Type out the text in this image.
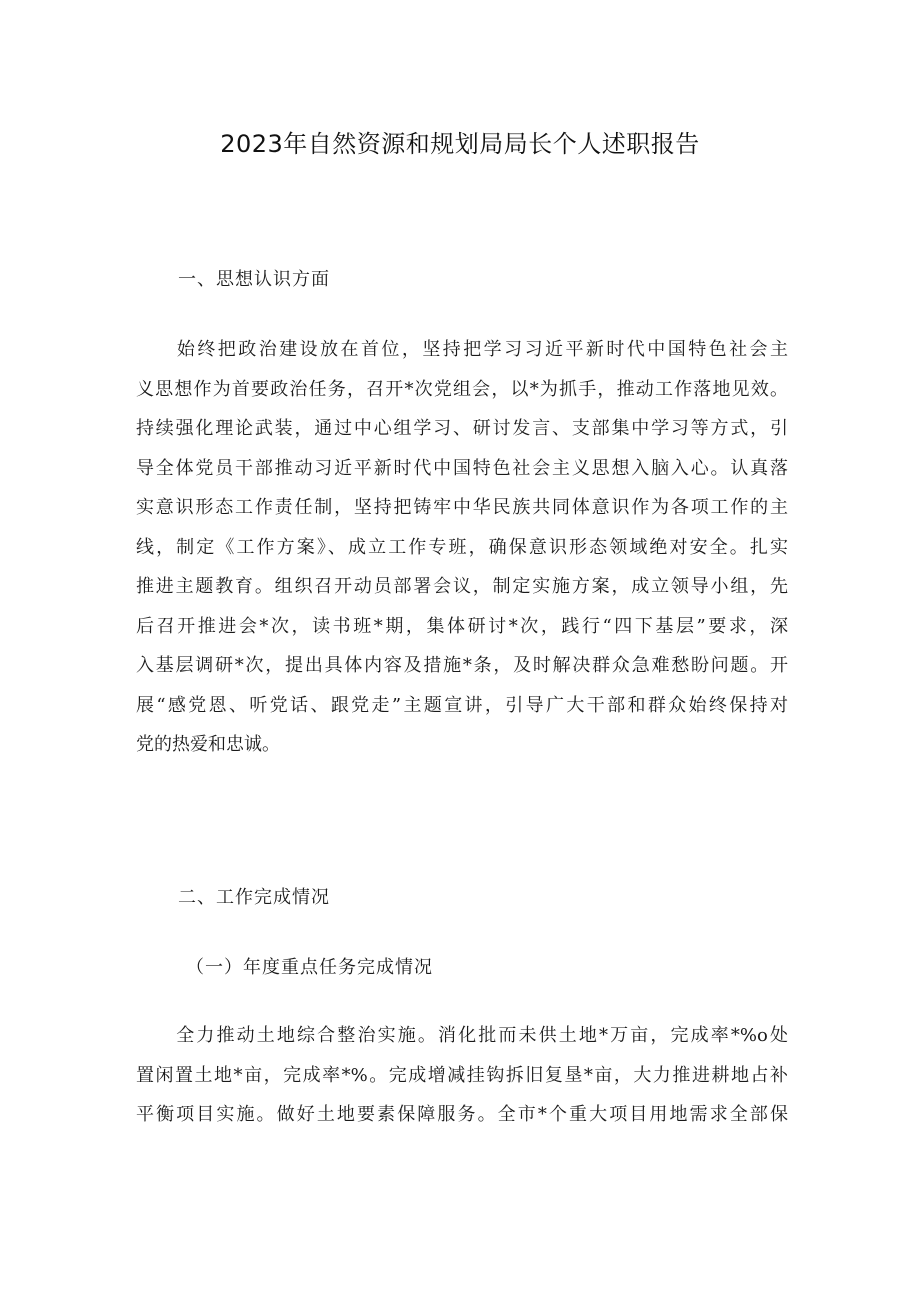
2023年自然资源和规划局局长个人述职报告
一、思想认识方面
　　始终把政治建设放在首位，坚持把学习习近平新时代中国特色社会主
义思想作为首要政治任务，召开*次党组会，以*为抓手，推动工作落地见效。
持续强化理论武装，通过中心组学习、研讨发言、支部集中学习等方式，引
导全体党员干部推动习近平新时代中国特色社会主义思想入脑入心。认真落
实意识形态工作责任制，坚持把铸牢中华民族共同体意识作为各项工作的主
线，制定《工作方案》、成立工作专班，确保意识形态领域绝对安全。扎实
推进主题教育。组织召开动员部署会议，制定实施方案，成立领导小组，先
后召开推进会*次，读书班*期，集体研讨*次，践行“四下基层”要求，深
入基层调研*次，提出具体内容及措施*条，及时解决群众急难愁盼问题。开
展“感党恩、听党话、跟党走”主题宣讲，引导广大干部和群众始终保持对
党的热爱和忠诚。
二、工作完成情况
（一）年度重点任务完成情况
　　全力推动土地综合整治实施。消化批而未供土地*万亩，完成率*%o处
置闲置土地*亩，完成率*%。完成增减挂钩拆旧复垦*亩，大力推进耕地占补
平衡项目实施。做好土地要素保障服务。全市*个重大项目用地需求全部保
